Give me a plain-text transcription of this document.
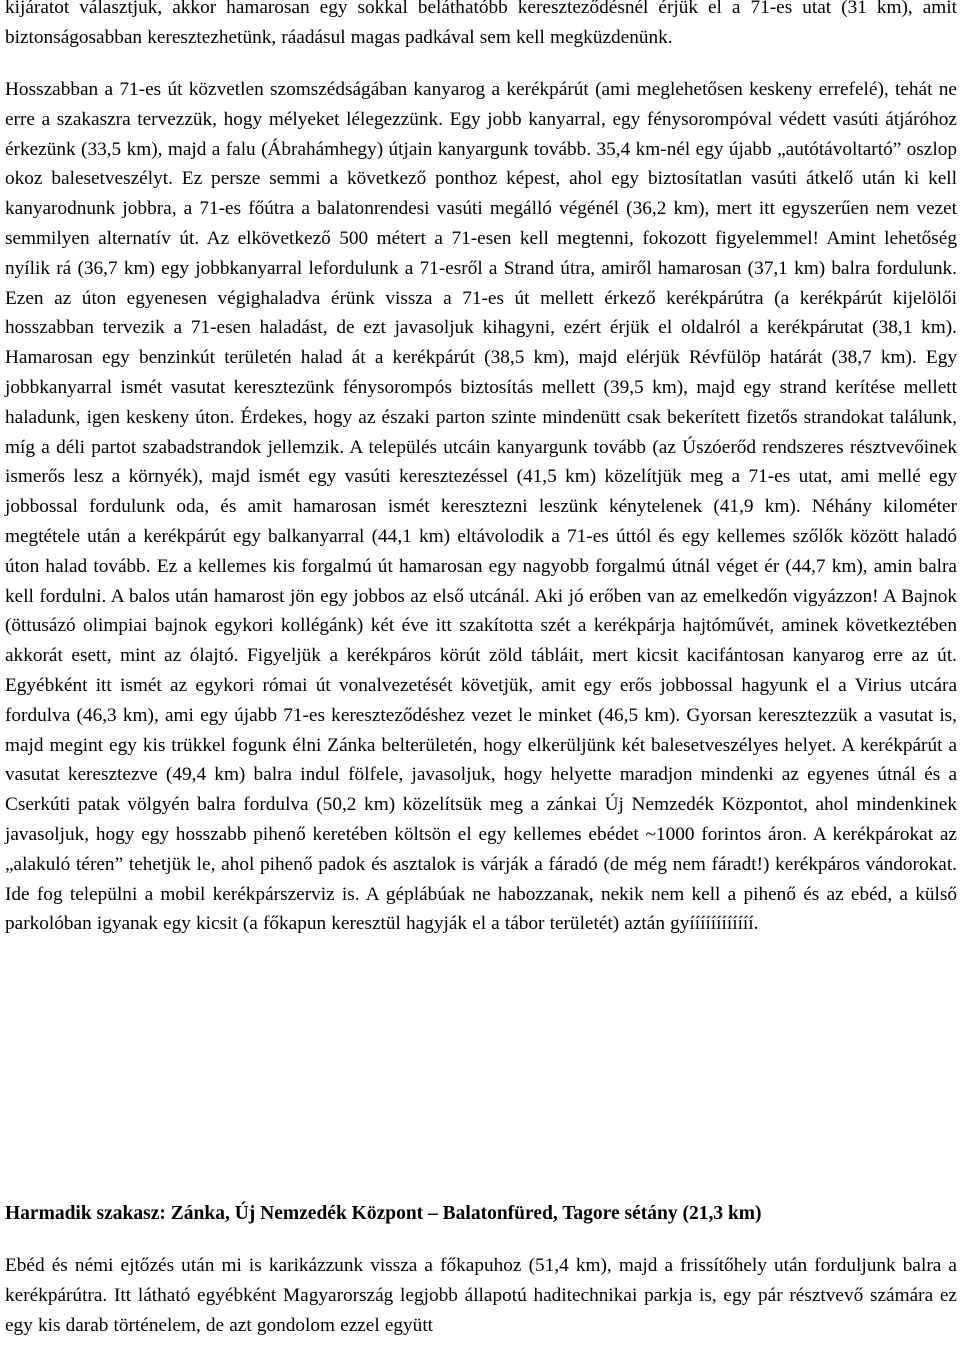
kijáratot választjuk, akkor hamarosan egy sokkal beláthatóbb kereszteződésnél érjük el a 71-es utat (31 km), amit biztonságosabban keresztezhetünk, ráadásul magas padkával sem kell megküzdenünk.

Hosszabban a 71-es út közvetlen szomszédságában kanyarog a kerékpárút (ami meglehetősen keskeny errefelé), tehát ne erre a szakaszra tervezzük, hogy mélyeket lélegezzünk. Egy jobb kanyarral, egy fénysorompóval védett vasúti átjáróhoz érkezünk (33,5 km), majd a falu (Ábrahámhegy) útjain kanyargunk tovább. 35,4 km-nél egy újabb „autótávoltartó” oszlop okoz balesetveszélyt. Ez persze semmi a következő ponthoz képest, ahol egy biztosítatlan vasúti átkelő után ki kell kanyarodnunk jobbra, a 71-es főútra a balatonrendesi vasúti megálló végénél (36,2 km), mert itt egyszerűen nem vezet semmilyen alternatív út. Az elkövetkező 500 métert a 71-esen kell megtenni, fokozott figyelemmel! Amint lehetőség nyílik rá (36,7 km) egy jobbkanyarral lefordulunk a 71-esről a Strand útra, amiről hamarosan (37,1 km) balra fordulunk. Ezen az úton egyenesen végighaladva érünk vissza a 71-es út mellett érkező kerékpárútra (a kerékpárút kijelölői hosszabban tervezik a 71-esen haladást, de ezt javasoljuk kihagyni, ezért érjük el oldalról a kerékpárutat (38,1 km). Hamarosan egy benzinkút területén halad át a kerékpárút (38,5 km), majd elérjük Révfülöp határát (38,7 km). Egy jobbkanyarral ismét vasutat keresztezünk fénysorompós biztosítás mellett (39,5 km), majd egy strand kerítése mellett haladunk, igen keskeny úton. Érdekes, hogy az északi parton szinte mindenütt csak bekerített fizetős strandokat találunk, míg a déli partot szabadstrandok jellemzik. A település utcáin kanyargunk tovább (az Úszóerőd rendszeres résztvevőinek ismerős lesz a környék), majd ismét egy vasúti keresztezéssel (41,5 km) közelítjük meg a 71-es utat, ami mellé egy jobbossal fordulunk oda, és amit hamarosan ismét keresztezni leszünk kénytelenek (41,9 km). Néhány kilométer megtétele után a kerékpárút egy balkanyarral (44,1 km) eltávolodik a 71-es úttól és egy kellemes szőlők között haladó úton halad tovább. Ez a kellemes kis forgalmú út hamarosan egy nagyobb forgalmú útnál véget ér (44,7 km), amin balra kell fordulni. A balos után hamarost jön egy jobbos az első utcánál. Aki jó erőben van az emelkedőn vigyázzon! A Bajnok (öttusázó olimpiai bajnok egykori kollégánk) két éve itt szakította szét a kerékpárja hajtóművét, aminek következtében akkorát esett, mint az ólajtó. Figyeljük a kerékpáros körút zöld tábláit, mert kicsit kacifántosan kanyarog erre az út. Egyébként itt ismét az egykori római út vonalvezetését követjük, amit egy erős jobbossal hagyunk el a Virius utcára fordulva (46,3 km), ami egy újabb 71-es kereszteződéshez vezet le minket (46,5 km). Gyorsan keresztezzük a vasutat is, majd megint egy kis trükkel fogunk élni Zánka belterületén, hogy elkerüljünk két balesetveszélyes helyet. A kerékpárút a vasutat keresztezve (49,4 km) balra indul fölfele, javasoljuk, hogy helyette maradjon mindenki az egyenes útnál és a Cserkúti patak völgyén balra fordulva (50,2 km) közelítsük meg a zánkai Új Nemzedék Központot, ahol mindenkinek javasoljuk, hogy egy hosszabb pihenő keretében költsön el egy kellemes ebédet ~1000 forintos áron. A kerékpárokat az „alakuló téren” tehetjük le, ahol pihenő padok és asztalok is várják a fáradó (de még nem fáradt!) kerékpáros vándorokat. Ide fog települni a mobil kerékpárszerviz is. A géplábúak ne habozzanak, nekik nem kell a pihenő és az ebéd, a külső parkolóban igyanak egy kicsit (a főkapun keresztül hagyják el a tábor területét) aztán gyíííííííííííí.

Harmadik szakasz: Zánka, Új Nemzedék Központ – Balatonfüred, Tagore sétány (21,3 km)

Ebéd és némi ejtőzés után mi is karikázzunk vissza a főkapuhoz (51,4 km), majd a frissítőhely után forduljunk balra a kerékpárútra. Itt látható egyébként Magyarország legjobb állapotú haditechnikai parkja is, egy pár résztvevő számára ez egy kis darab történelem, de azt gondolom ezzel együtt
